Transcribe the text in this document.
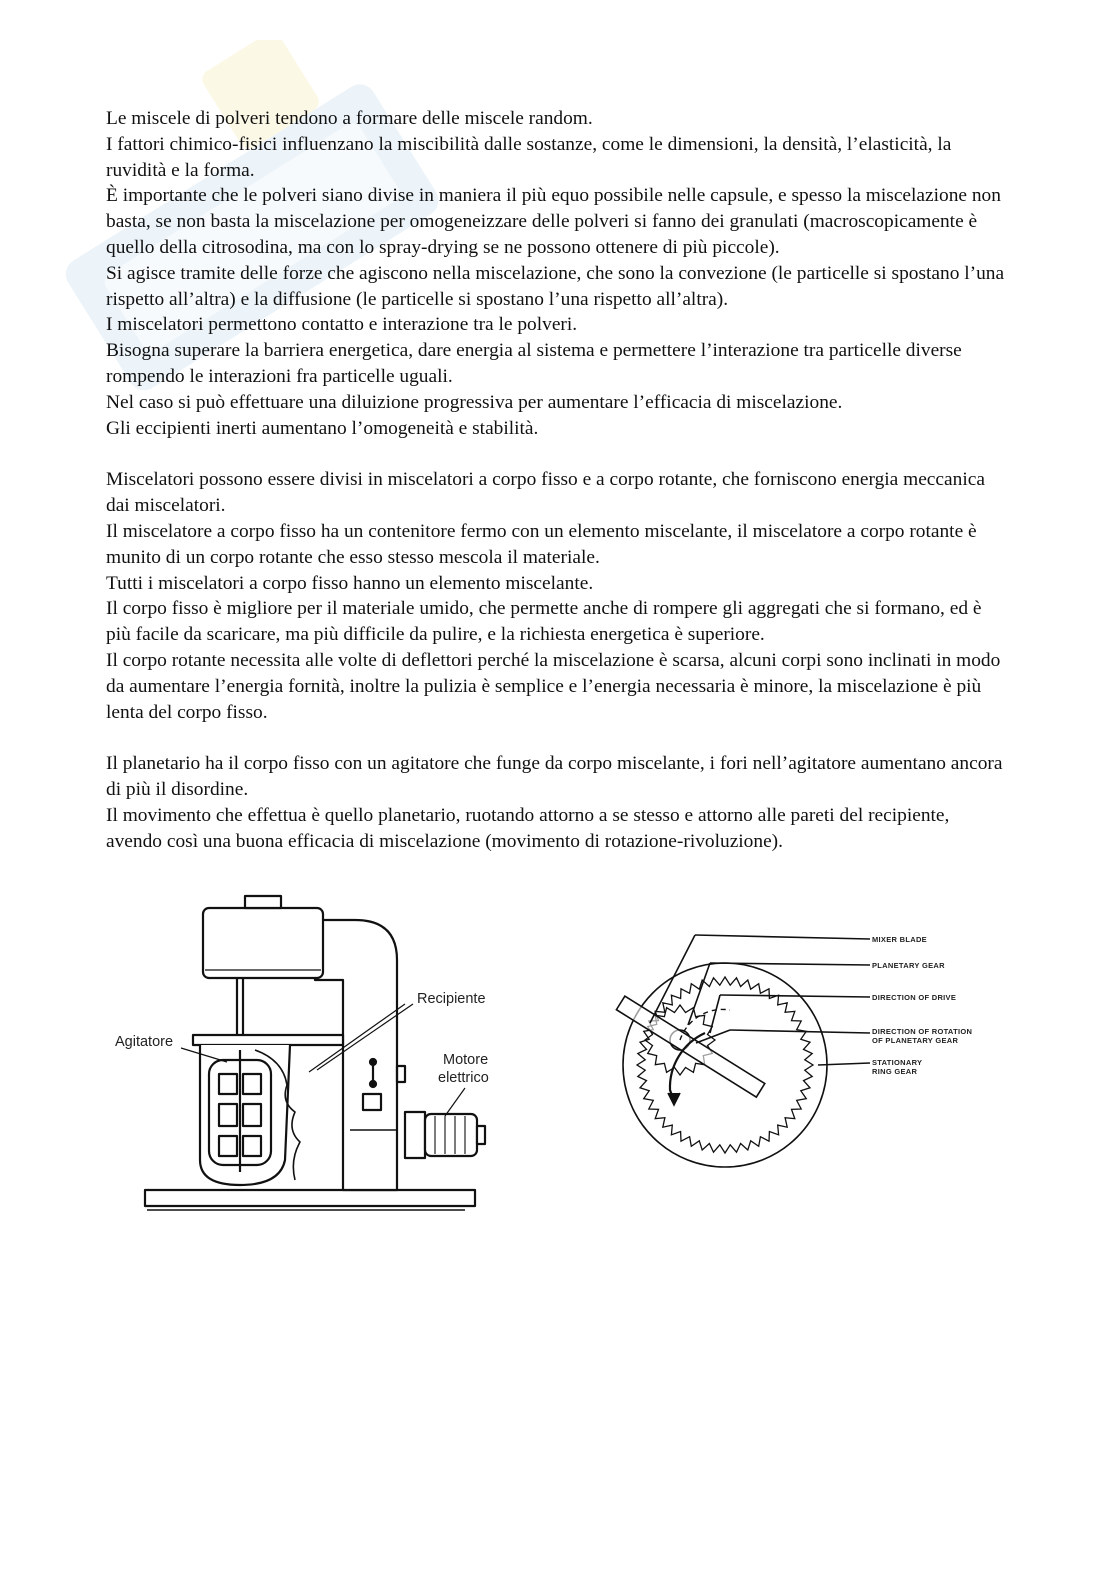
Le miscele di polveri tendono a formare delle miscele random.

I fattori chimico-fisici influenzano la miscibilità dalle sostanze, come le dimensioni, la densità, l’elasticità, la ruvidità e la forma.

È importante che le polveri siano divise in maniera il più equo possibile nelle capsule, e spesso la miscelazione non basta, se non basta la miscelazione per omogeneizzare delle polveri si fanno dei granulati (macroscopicamente è quello della citrosodina, ma con lo spray-drying se ne possono ottenere di più piccole).

Si agisce tramite delle forze che agiscono nella miscelazione, che sono la convezione (le particelle si spostano l’una rispetto all’altra) e la diffusione (le particelle si spostano l’una rispetto all’altra).

I miscelatori permettono contatto e interazione tra le polveri.

Bisogna superare la barriera energetica, dare energia al sistema e permettere l’interazione tra particelle diverse rompendo le interazioni fra particelle uguali.

Nel caso si può effettuare una diluizione progressiva per aumentare l’efficacia di miscelazione.

Gli eccipienti inerti aumentano l’omogeneità e stabilità.

Miscelatori possono essere divisi in miscelatori a corpo fisso e a corpo rotante, che forniscono energia meccanica dai miscelatori.

Il miscelatore a corpo fisso ha un contenitore fermo con un elemento miscelante, il miscelatore a corpo rotante è munito di un corpo rotante che esso stesso mescola il materiale.

Tutti i miscelatori a corpo fisso hanno un elemento miscelante.

Il corpo fisso è migliore per il materiale umido, che permette anche di rompere gli aggregati che si formano, ed è più facile da scaricare, ma più difficile da pulire, e la richiesta energetica è superiore.

Il corpo rotante necessita alle volte di deflettori perché la miscelazione è scarsa, alcuni corpi sono inclinati in modo da aumentare l’energia fornità, inoltre la pulizia è semplice e l’energia necessaria è minore, la miscelazione è più lenta del corpo fisso.

Il planetario ha il corpo fisso con un agitatore che funge da corpo miscelante, i fori nell’agitatore aumentano ancora di più il disordine.

Il movimento che effettua è quello planetario, ruotando attorno a se stesso e attorno alle pareti del recipiente, avendo così una buona efficacia di miscelazione (movimento di rotazione-rivoluzione).

Recipiente
Agitatore
Motore
elettrico
MIXER BLADE
PLANETARY GEAR
DIRECTION OF DRIVE
DIRECTION OF ROTATION
OF PLANETARY GEAR
STATIONARY
RING GEAR
